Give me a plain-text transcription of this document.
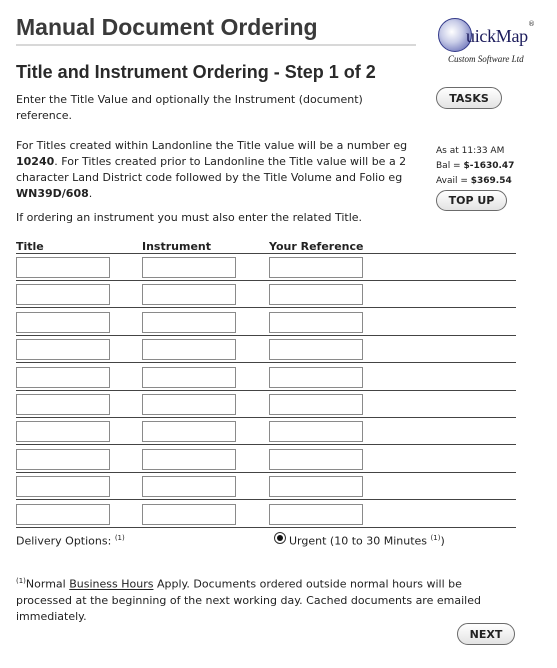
Manual Document Ordering	uickMap
®
Custom Software Ltd
Title and Instrument Ordering - Step 1 of 2

Enter the Title Value and optionally the Instrument (document) reference.

For Titles created within Landonline the Title value will be a number eg 10240. For Titles created prior to Landonline the Title value will be a 2 character Land District code followed by the Title Volume and Folio eg WN39D/608.

If ordering an instrument you must also enter the related Title.

TASKS
As at 11:33 AM
Bal = $-1630.47
Avail = $369.54
TOP UP
Title	Instrument	Your Reference
Delivery Options: $^{(1)}$	Urgent (10 to 30 Minutes $^{(1)}$)

$^{(1)}$Normal Business Hours Apply. Documents ordered outside normal hours will be processed at the beginning of the next working day. Cached documents are emailed immediately.

NEXT
